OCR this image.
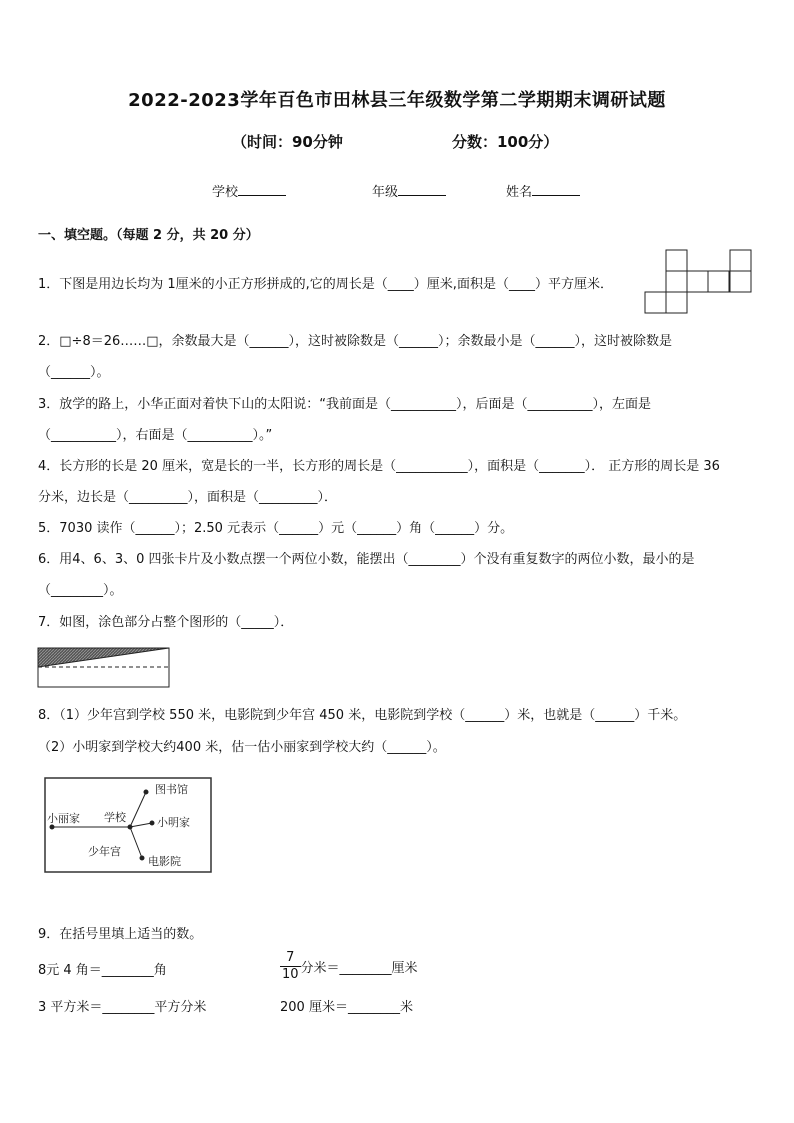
2022-2023学年百色市田林县三年级数学第二学期期末调研试题
（时间：90分钟	分数：100分）
学校	年级	姓名
一、填空题。（每题 2 分，共 20 分）
1．下图是用边长均为 1厘米的小正方形拼成的,它的周长是（____）厘米,面积是（____）平方厘米．
2．□÷8＝26……□，余数最大是（______），这时被除数是（______）；余数最小是（______），这时被除数是
（______）。
3．放学的路上，小华正面对着快下山的太阳说：“我前面是（__________），后面是（__________），左面是
（__________），右面是（__________）。”
4．长方形的长是 20 厘米，宽是长的一半，长方形的周长是（___________），面积是（_______）． 正方形的周长是 36
分米，边长是（_________），面积是（_________）．
5．7030 读作（______）；2.50 元表示（______）元（______）角（______）分。
6．用4、6、3、0 四张卡片及小数点摆一个两位小数，能摆出（________）个没有重复数字的两位小数，最小的是
（________）。
7．如图，涂色部分占整个图形的（_____）．
8．（1）少年宫到学校 550 米，电影院到少年宫 450 米，电影院到学校（______）米，也就是（______）千米。
（2）小明家到学校大约400 米，估一估小丽家到学校大约（______）。
图书馆
小丽家 学校	小明家
少年宫
电影院
9．在括号里填上适当的数。
8元 4 角＝________角	$\frac{7}{10}$ 分米＝________厘米
3 平方米＝________平方分米	200 厘米＝________米
